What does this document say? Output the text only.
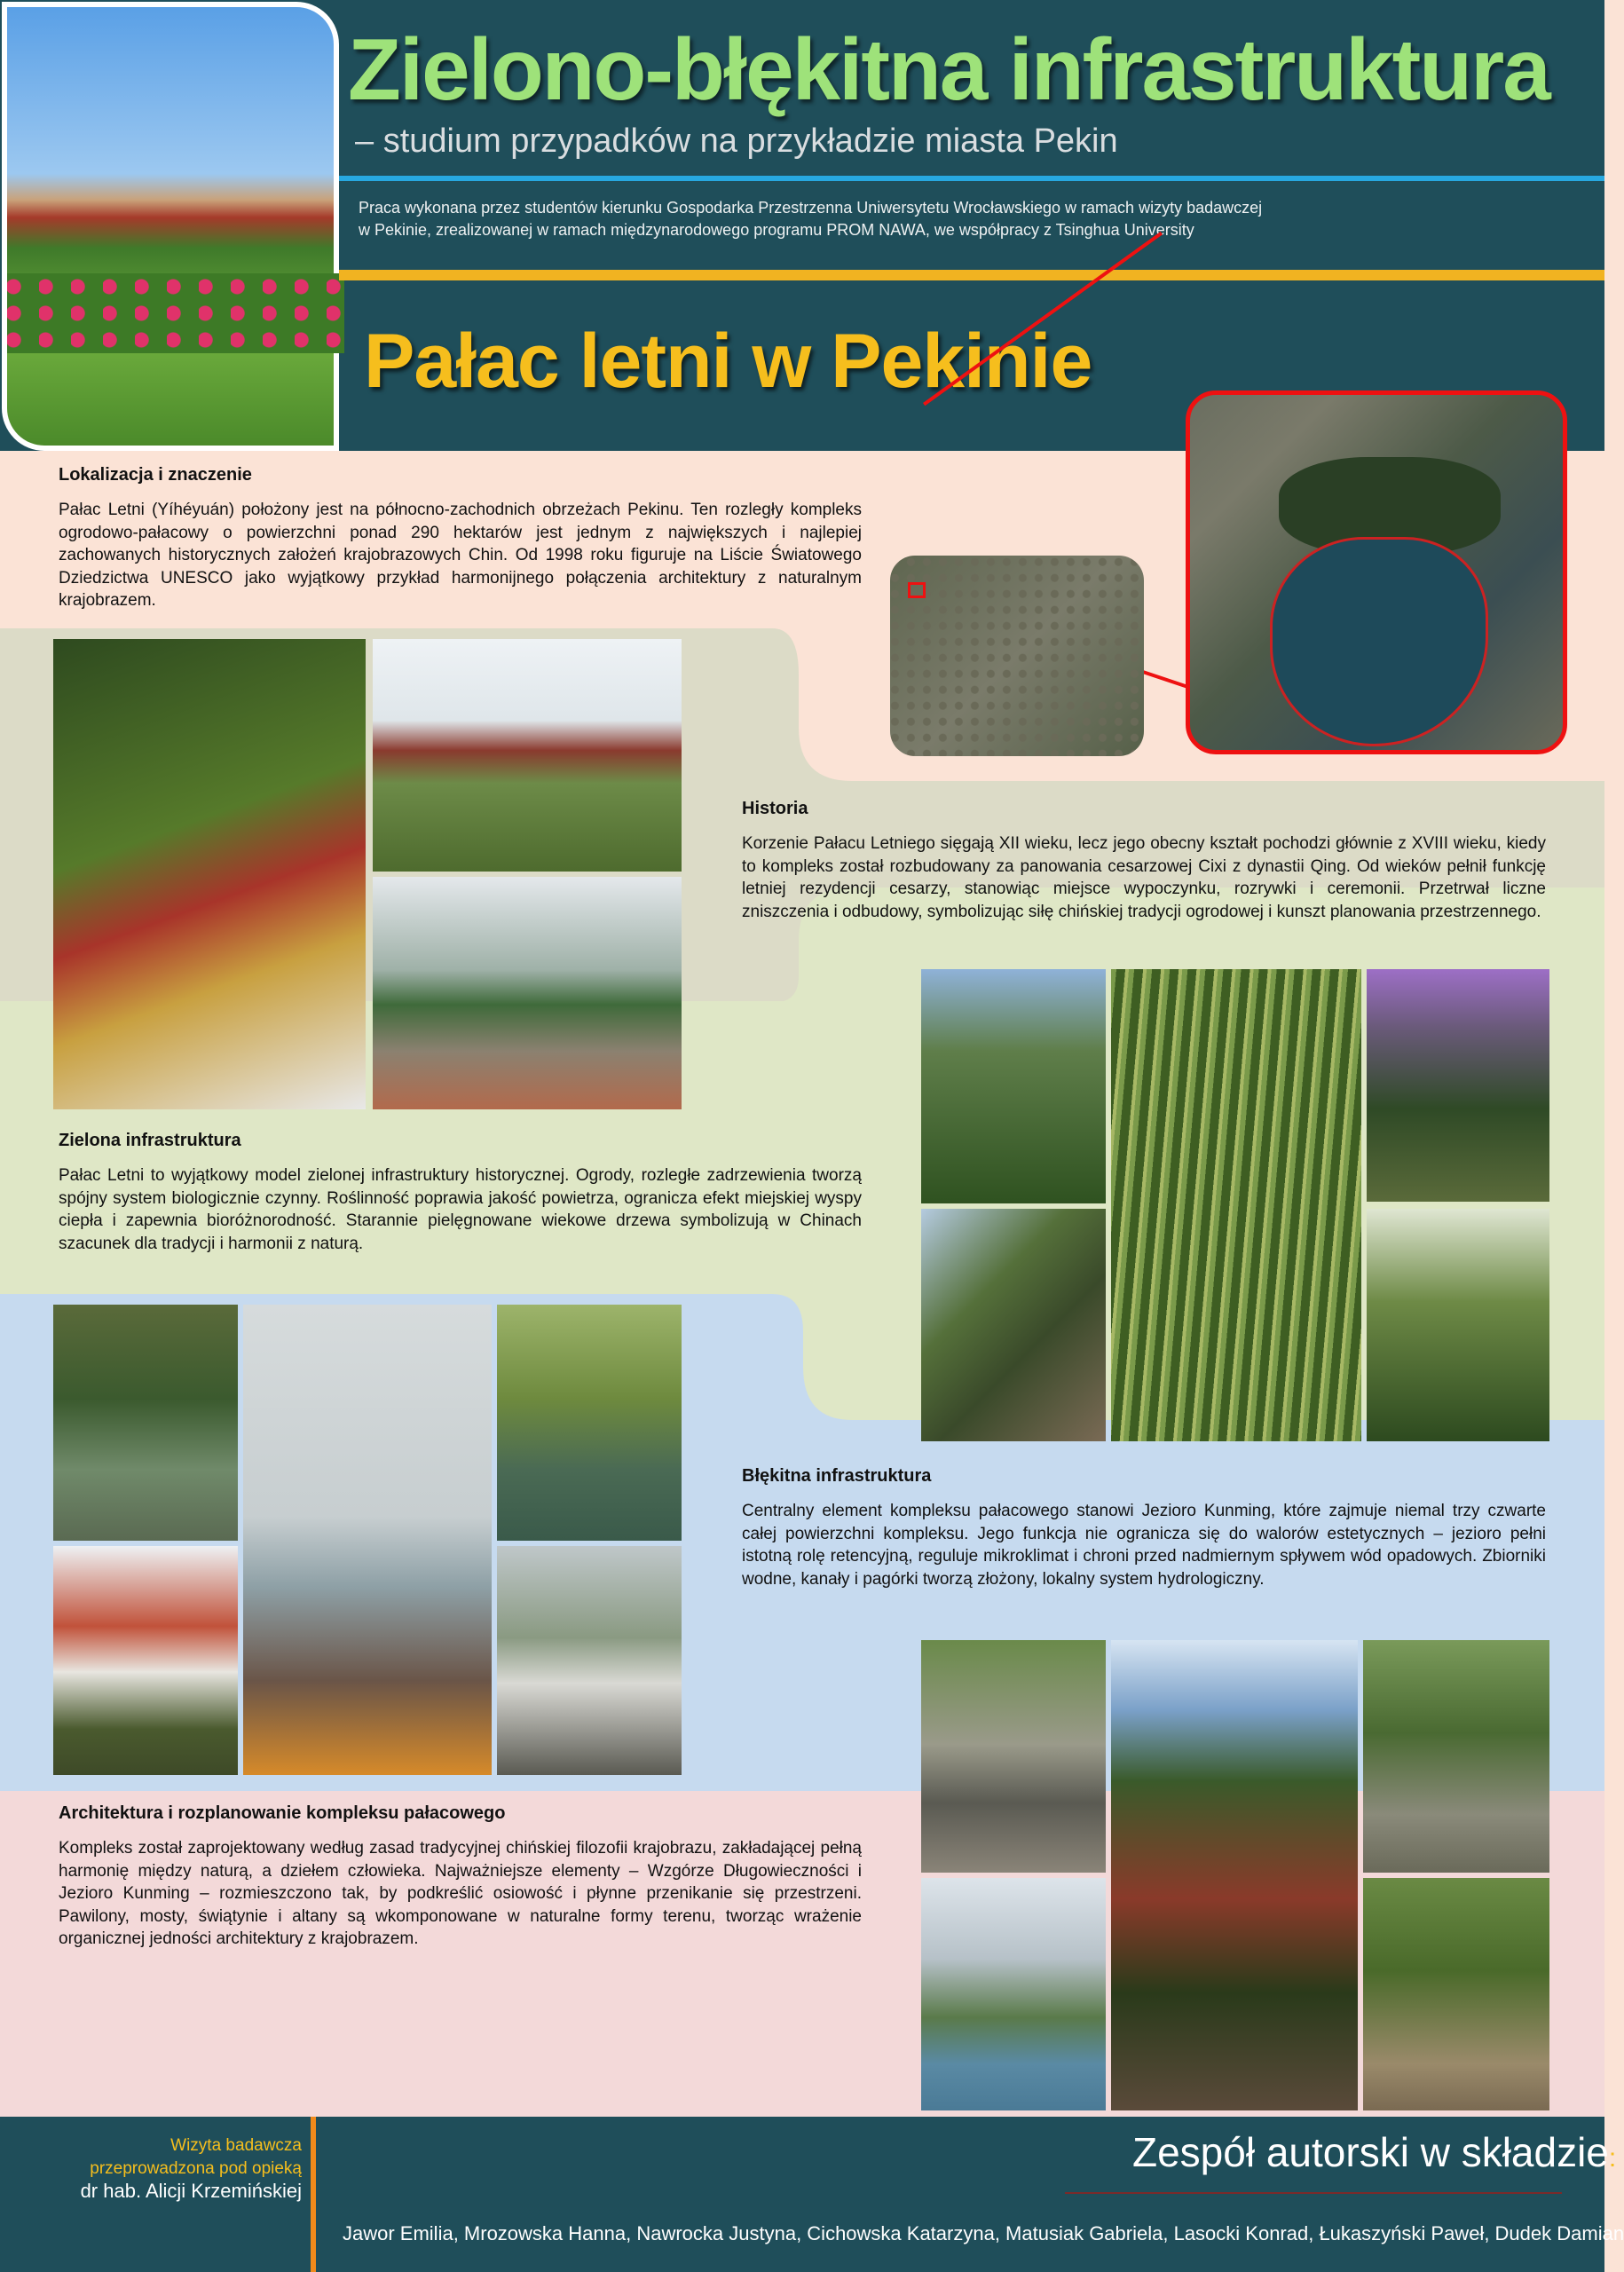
Zielono-błękitna infrastruktura
– studium przypadków na przykładzie miasta Pekin
Praca wykonana przez studentów kierunku Gospodarka Przestrzenna Uniwersytetu Wrocławskiego w ramach wizyty badawczej
w Pekinie, zrealizowanej w ramach międzynarodowego programu PROM NAWA, we współpracy z Tsinghua University
Pałac letni w Pekinie
Lokalizacja i znaczenie
Pałac Letni (Yíhéyuán) położony jest na północno-zachodnich obrzeżach Pekinu. Ten rozległy kompleks ogrodowo-pałacowy o powierzchni ponad 290 hektarów jest jednym z największych i najlepiej zachowanych historycznych założeń krajobrazowych Chin. Od 1998 roku figuruje na Liście Światowego Dziedzictwa UNESCO jako wyjątkowy przykład harmonijnego połączenia architektury z naturalnym krajobrazem.
Historia
Korzenie Pałacu Letniego sięgają XII wieku, lecz jego obecny kształt pochodzi głównie z XVIII wieku, kiedy to kompleks został rozbudowany za panowania cesarzowej Cixi z dynastii Qing. Od wieków pełnił funkcję letniej rezydencji cesarzy, stanowiąc miejsce wypoczynku, rozrywki i ceremonii. Przetrwał liczne zniszczenia i odbudowy, symbolizując siłę chińskiej tradycji ogrodowej i kunszt planowania przestrzennego.
Zielona infrastruktura
Pałac Letni to wyjątkowy model zielonej infrastruktury historycznej. Ogrody, rozległe zadrzewienia tworzą spójny system biologicznie czynny. Roślinność poprawia jakość powietrza, ogranicza efekt miejskiej wyspy ciepła i zapewnia bioróżnorodność. Starannie pielęgnowane wiekowe drzewa symbolizują w Chinach szacunek dla tradycji i harmonii z naturą.
Błękitna infrastruktura
Centralny element kompleksu pałacowego stanowi Jezioro Kunming, które zajmuje niemal trzy czwarte całej powierzchni kompleksu. Jego funkcja nie ogranicza się do walorów estetycznych – jezioro pełni istotną rolę retencyjną, reguluje mikroklimat i chroni przed nadmiernym spływem wód opadowych. Zbiorniki wodne, kanały i pagórki tworzą złożony, lokalny system hydrologiczny.
Architektura i rozplanowanie kompleksu pałacowego
Kompleks został zaprojektowany według zasad tradycyjnej chińskiej filozofii krajobrazu, zakładającej pełną harmonię między naturą, a dziełem człowieka. Najważniejsze elementy – Wzgórze Długowieczności i Jezioro Kunming – rozmieszczono tak, by podkreślić osiowość i płynne przenikanie się przestrzeni. Pawilony, mosty, świątynie i altany są wkomponowane w naturalne formy terenu, tworząc wrażenie organicznej jedności architektury z krajobrazem.
Wizyta badawcza
przeprowadzona pod opieką
dr hab. Alicji Krzemińskiej
Zespół autorski w składzie:
Jawor Emilia, Mrozowska Hanna, Nawrocka Justyna, Cichowska Katarzyna, Matusiak Gabriela, Lasocki Konrad, Łukaszyński Paweł, Dudek Damian
